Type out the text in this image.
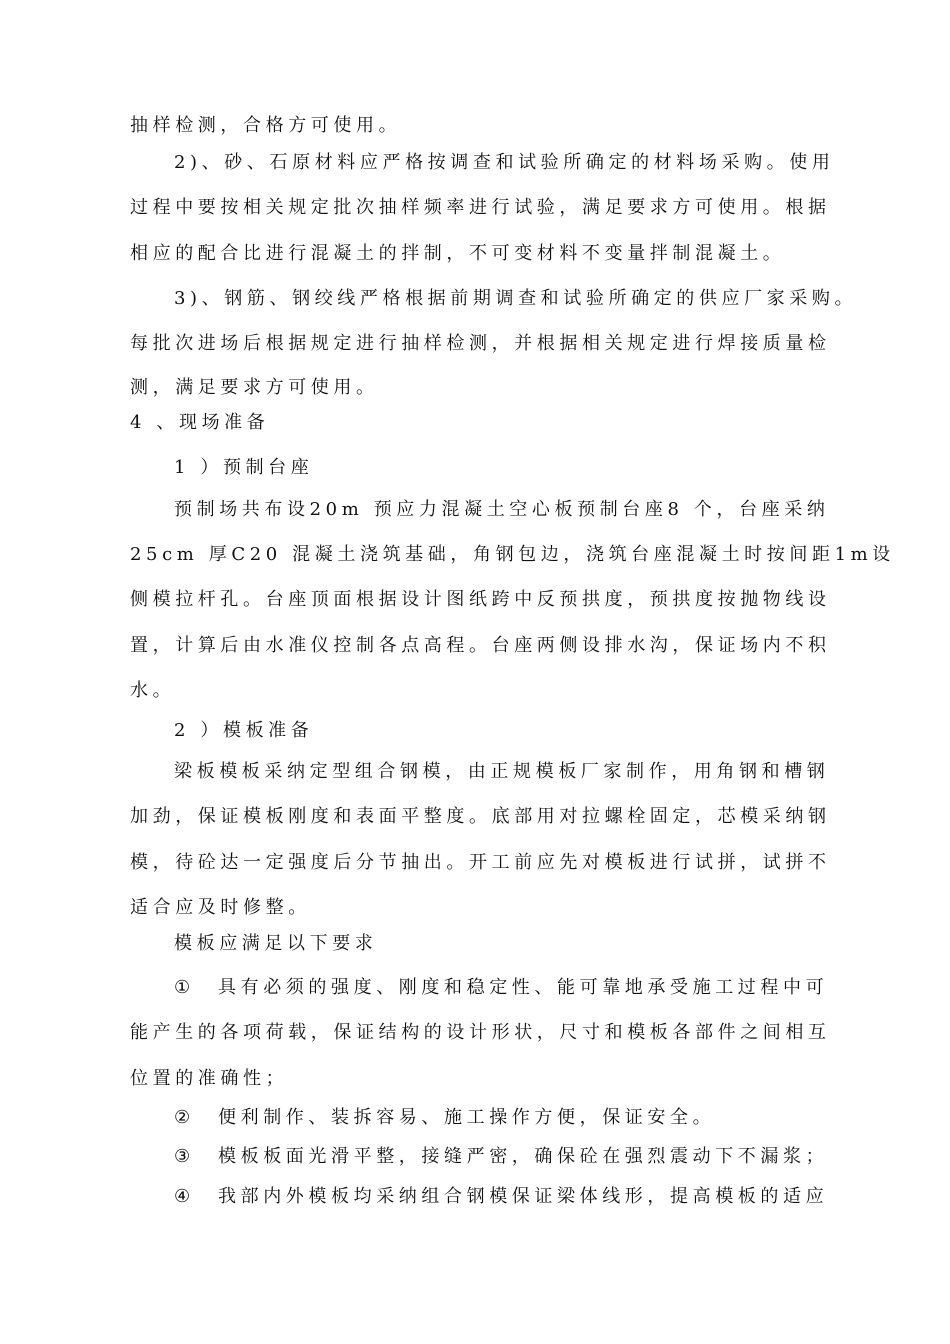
抽样检测，合格方可使用。
2)、砂、石原材料应严格按调查和试验所确定的材料场采购。使用
过程中要按相关规定批次抽样频率进行试验，满足要求方可使用。根据
相应的配合比进行混凝土的拌制，不可变材料不变量拌制混凝土。
3)、钢筋、钢绞线严格根据前期调查和试验所确定的供应厂家采购。
每批次进场后根据规定进行抽样检测，并根据相关规定进行焊接质量检
测，满足要求方可使用。
4 、现场准备
1 ）预制台座
预制场共布设20m 预应力混凝土空心板预制台座8 个，台座采纳
25cm 厚C20 混凝土浇筑基础，角钢包边，浇筑台座混凝土时按间距1m设
侧模拉杆孔。台座顶面根据设计图纸跨中反预拱度，预拱度按抛物线设
置，计算后由水准仪控制各点高程。台座两侧设排水沟，保证场内不积
水。
2 ）模板准备
梁板模板采纳定型组合钢模，由正规模板厂家制作，用角钢和槽钢
加劲，保证模板刚度和表面平整度。底部用对拉螺栓固定，芯模采纳钢
模，待砼达一定强度后分节抽出。开工前应先对模板进行试拼，试拼不
适合应及时修整。
模板应满足以下要求
① 具有必须的强度、刚度和稳定性、能可靠地承受施工过程中可
能产生的各项荷载，保证结构的设计形状，尺寸和模板各部件之间相互
位置的准确性；
② 便利制作、装拆容易、施工操作方便，保证安全。
③ 模板板面光滑平整，接缝严密，确保砼在强烈震动下不漏浆；
④ 我部内外模板均采纳组合钢模保证梁体线形，提高模板的适应
